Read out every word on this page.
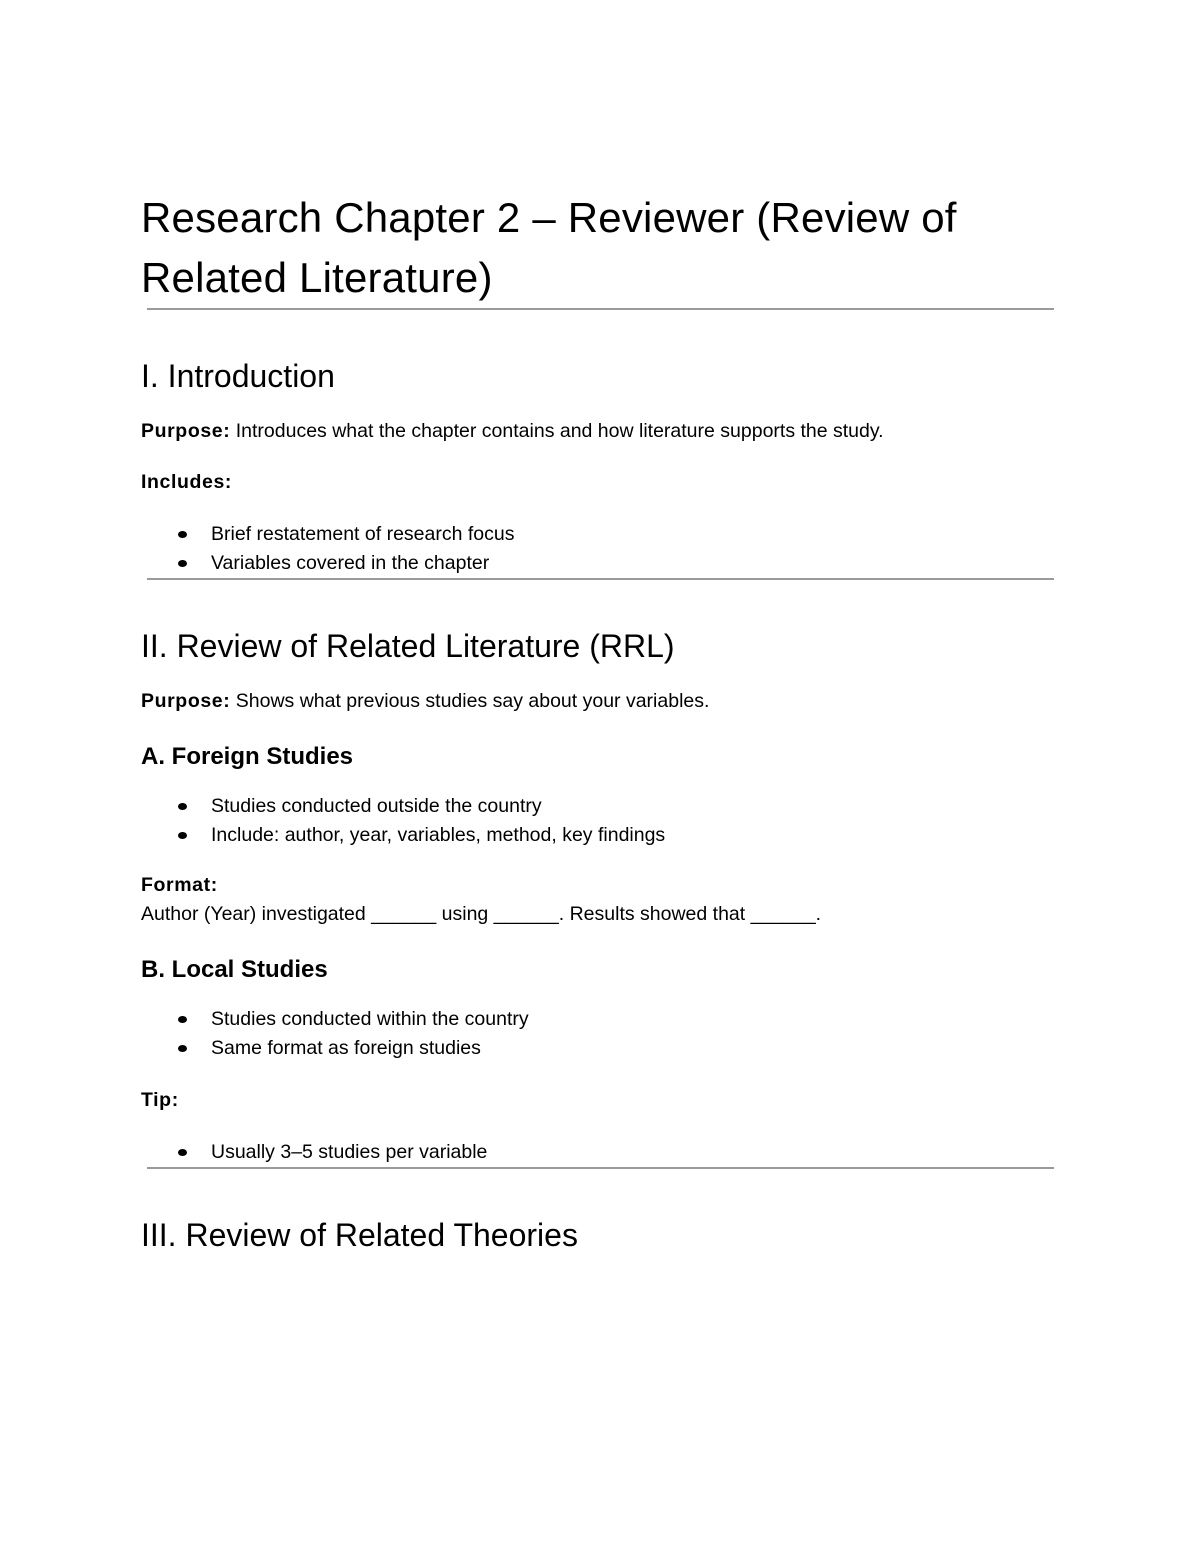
Research Chapter 2 – Reviewer (Review of Related Literature)
I. Introduction

Purpose: Introduces what the chapter contains and how literature supports the study.

Includes:

Brief restatement of research focus
Variables covered in the chapter
II. Review of Related Literature (RRL)

Purpose: Shows what previous studies say about your variables.

A. Foreign Studies
Studies conducted outside the country
Include: author, year, variables, method, key findings

Format:

Author (Year) investigated ______ using ______. Results showed that ______.

B. Local Studies
Studies conducted within the country
Same format as foreign studies

Tip:

Usually 3–5 studies per variable
III. Review of Related Theories
